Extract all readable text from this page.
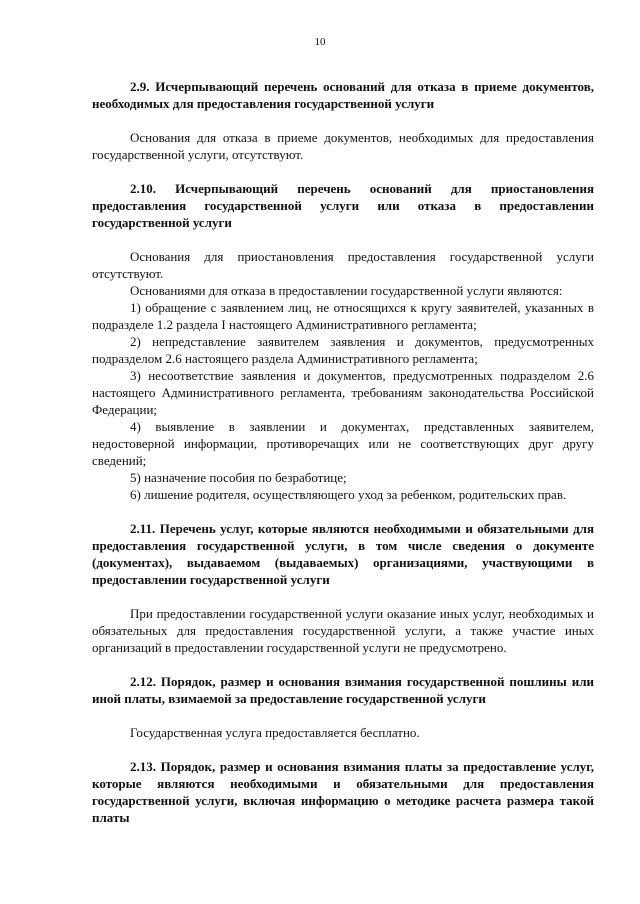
10

2.9. Исчерпывающий перечень оснований для отказа в приеме документов, необходимых для предоставления государственной услуги

Основания для отказа в приеме документов, необходимых для предоставления государственной услуги, отсутствуют.

2.10. Исчерпывающий перечень оснований для приостановления предоставления государственной услуги или отказа в предоставлении государственной услуги

Основания для приостановления предоставления государственной услуги отсутствуют.

Основаниями для отказа в предоставлении государственной услуги являются:

1) обращение с заявлением лиц, не относящихся к кругу заявителей, указанных в подразделе 1.2 раздела I настоящего Административного регламента;

2) непредставление заявителем заявления и документов, предусмотренных подразделом 2.6 настоящего раздела Административного регламента;

3) несоответствие заявления и документов, предусмотренных подразделом 2.6 настоящего Административного регламента, требованиям законодательства Российской Федерации;

4) выявление в заявлении и документах, представленных заявителем, недостоверной информации, противоречащих или не соответствующих друг другу сведений;

5) назначение пособия по безработице;

6) лишение родителя, осуществляющего уход за ребенком, родительских прав.

2.11. Перечень услуг, которые являются необходимыми и обязательными для предоставления государственной услуги, в том числе сведения о документе (документах), выдаваемом (выдаваемых) организациями, участвующими в предоставлении государственной услуги

При предоставлении государственной услуги оказание иных услуг, необходимых и обязательных для предоставления государственной услуги, а также участие иных организаций в предоставлении государственной услуги не предусмотрено.

2.12. Порядок, размер и основания взимания государственной пошлины или иной платы, взимаемой за предоставление государственной услуги

Государственная услуга предоставляется бесплатно.

2.13. Порядок, размер и основания взимания платы за предоставление услуг, которые являются необходимыми и обязательными для предоставления государственной услуги, включая информацию о методике расчета размера такой платы
